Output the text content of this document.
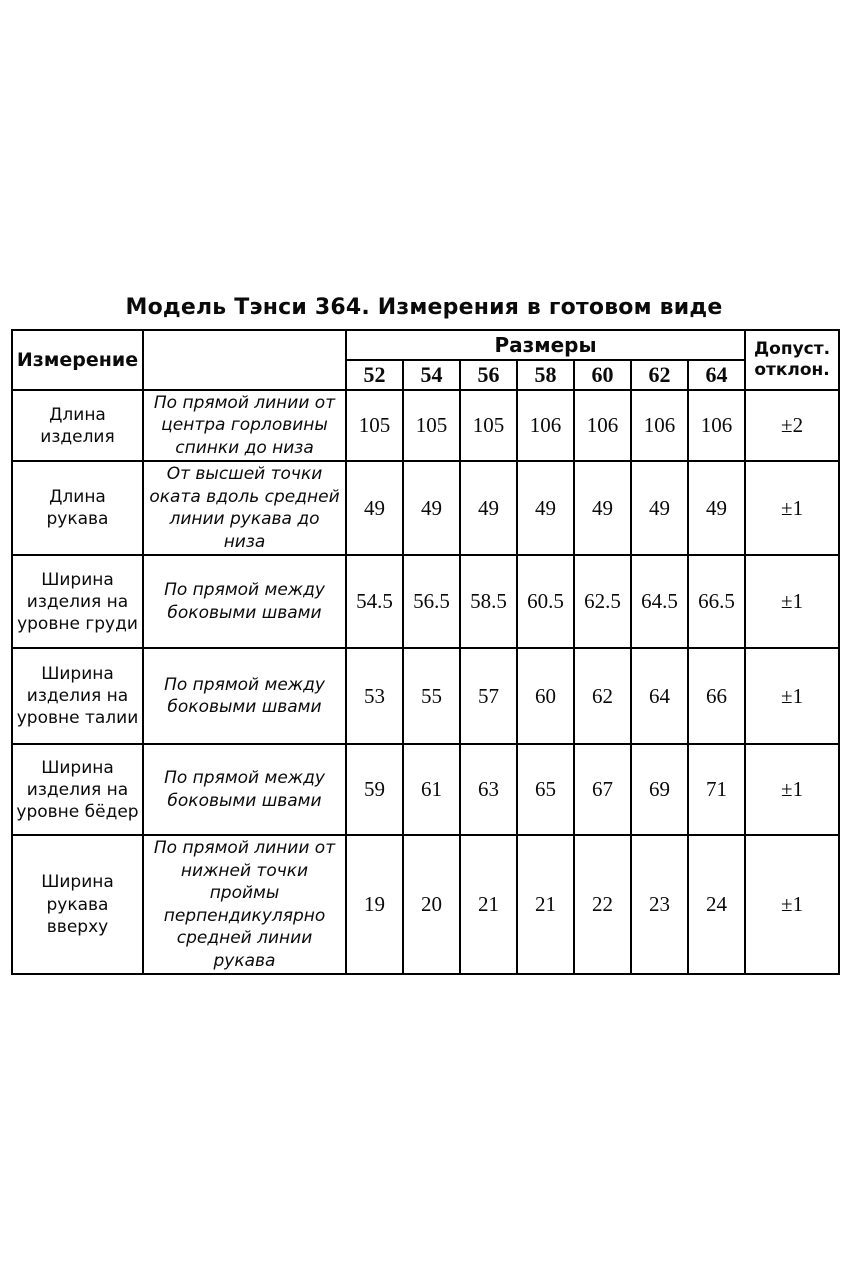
Модель Тэнси 364. Измерения в готовом виде
Измерение		Размеры							Допуст. отклон.
		52	54	56	58	60	62	64	
Длина изделия	По прямой линии от центра горловины спинки до низа	105	105	105	106	106	106	106	±2
Длина рукава	От высшей точки оката вдоль средней линии рукава до низа	49	49	49	49	49	49	49	±1
Ширина изделия на уровне груди	По прямой между боковыми швами	54.5	56.5	58.5	60.5	62.5	64.5	66.5	±1
Ширина изделия на уровне талии	По прямой между боковыми швами	53	55	57	60	62	64	66	±1
Ширина изделия на уровне бёдер	По прямой между боковыми швами	59	61	63	65	67	69	71	±1
Ширина рукава вверху	По прямой линии от нижней точки проймы перпендикулярно средней линии рукава	19	20	21	21	22	23	24	±1
